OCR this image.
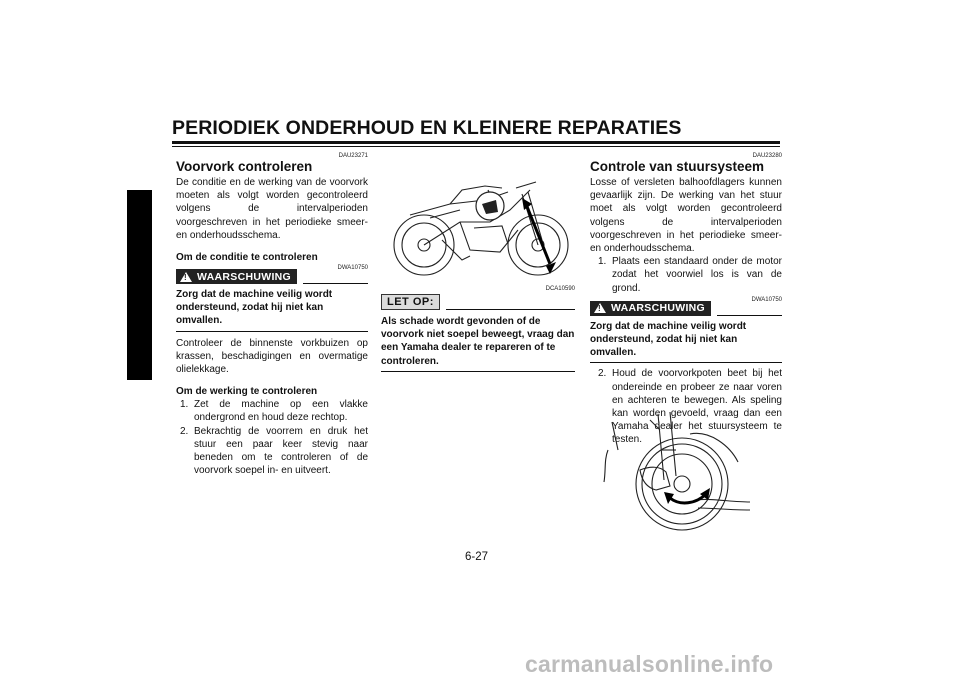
PERIODIEK ONDERHOUD EN KLEINERE REPARATIES
6
DAU23271
Voorvork controleren

De conditie en de werking van de voorvork moeten als volgt worden gecontroleerd volgens de intervalperioden voorgeschreven in het periodieke smeer- en onderhoudsschema.

Om de conditie te controleren

!
WAARSCHUWING
DWA10750

Zorg dat de machine veilig wordt ondersteund, zodat hij niet kan omvallen.

Controleer de binnenste vorkbuizen op krassen, beschadigingen en overmatige olielekkage.

Om de werking te controleren

1. Zet de machine op een vlakke ondergrond en houd deze rechtop.
2. Bekrachtig de voorrem en druk het stuur een paar keer stevig naar beneden om te controleren of de voorvork soepel in- en uitveert.
DCA10590
LET OP:

Als schade wordt gevonden of de voorvork niet soepel beweegt, vraag dan een Yamaha dealer te repareren of te controleren.

DAU23280
Controle van stuursysteem

Losse of versleten balhoofdlagers kunnen gevaarlijk zijn. De werking van het stuur moet als volgt worden gecontroleerd volgens de intervalperioden voorgeschreven in het periodieke smeer- en onderhoudsschema.

1. Plaats een standaard onder de motor zodat het voorwiel los is van de grond.
!
WAARSCHUWING
DWA10750

Zorg dat de machine veilig wordt ondersteund, zodat hij niet kan omvallen.

2. Houd de voorvorkpoten beet bij het ondereinde en probeer ze naar voren en achteren te bewegen. Als speling kan worden gevoeld, vraag dan een Yamaha dealer het stuursysteem te testen.
6-27
carmanualsonline.info
